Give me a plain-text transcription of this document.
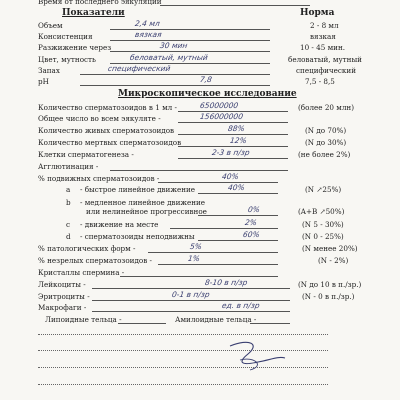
Время от последнего эякуляции
Показатели	Норма
Объем	2,4 мл	2 - 8 мл
Консистенция	вязкая	вязкая
Разжижение через	30 мин	10 - 45 мин.
Цвет, мутность	беловатый, мутный	беловатый, мутный
Запах	специфический	специфический
pH	7,8	7,5 - 8,5
Микроскопическое исследование
Количество сперматозоидов в 1 мл -	65000000	(более 20 млн)
Общее число во всем эякуляте -	156000000
Количество живых сперматозоидов	88%	(N до 70%)
Количество мертвых сперматозоидов	12%	(N до 30%)
Клетки сперматогенеза -	2-3 в п/зр	(не более 2%)
Агглютинация -
% подвижных сперматозоидов -	40%
a - быстрое линейное движение	40%	(N ↗25%)
b - медленное линейное движение
или нелинейное прогрессивное	0%	(A+B ↗50%)
c - движение на месте	2%	(N 5 - 30%)
d - сперматозоиды неподвижны	60%	(N 0 - 25%)
% патологических форм -	5%	(N менее 20%)
% незрелых сперматозоидов -	1%	(N - 2%)
Кристаллы спермина -
Лейкоциты -	8-10 в п/зр	(N до 10 в п./зр.)
Эритроциты -	0-1 в п/зр	(N - 0 в п./зр.)
Макрофаги -	ед. в п/зр
Липоидные тельца -	Амилоидные тельца -
